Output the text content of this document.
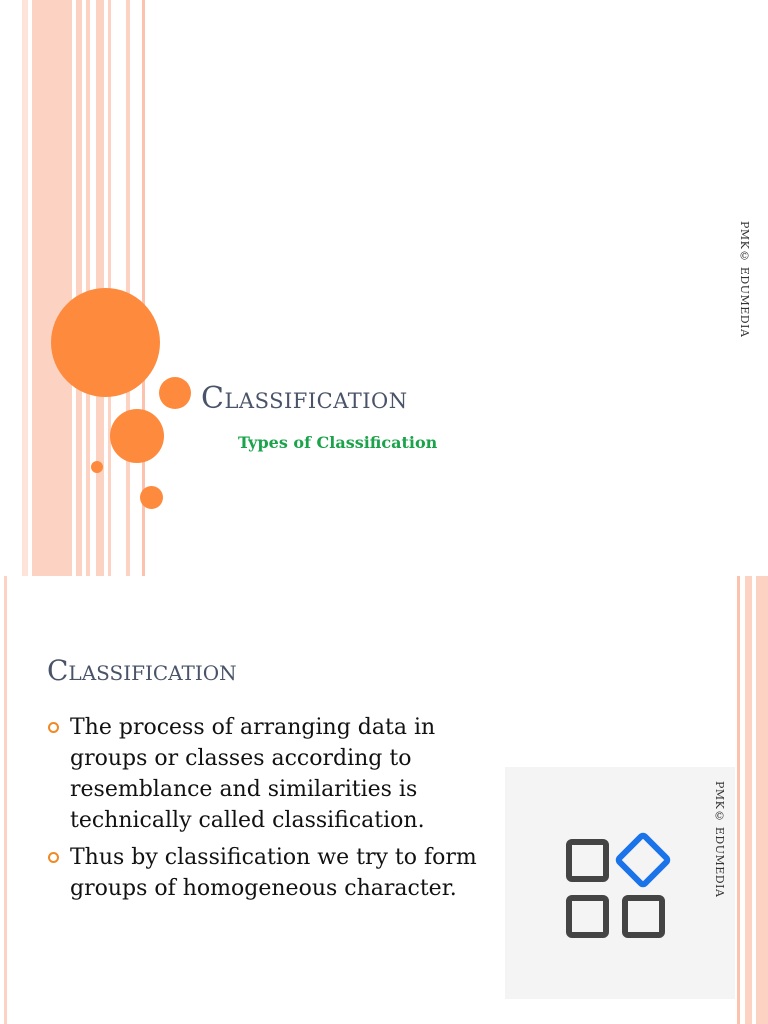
Classification
Types of Classification
PMK© EDUMEDIA
Classification
The process of arranging data in groups or classes according to resemblance and similarities is technically called classification.
Thus by classification we try to form groups of homogeneous character.	PMK© EDUMEDIA
